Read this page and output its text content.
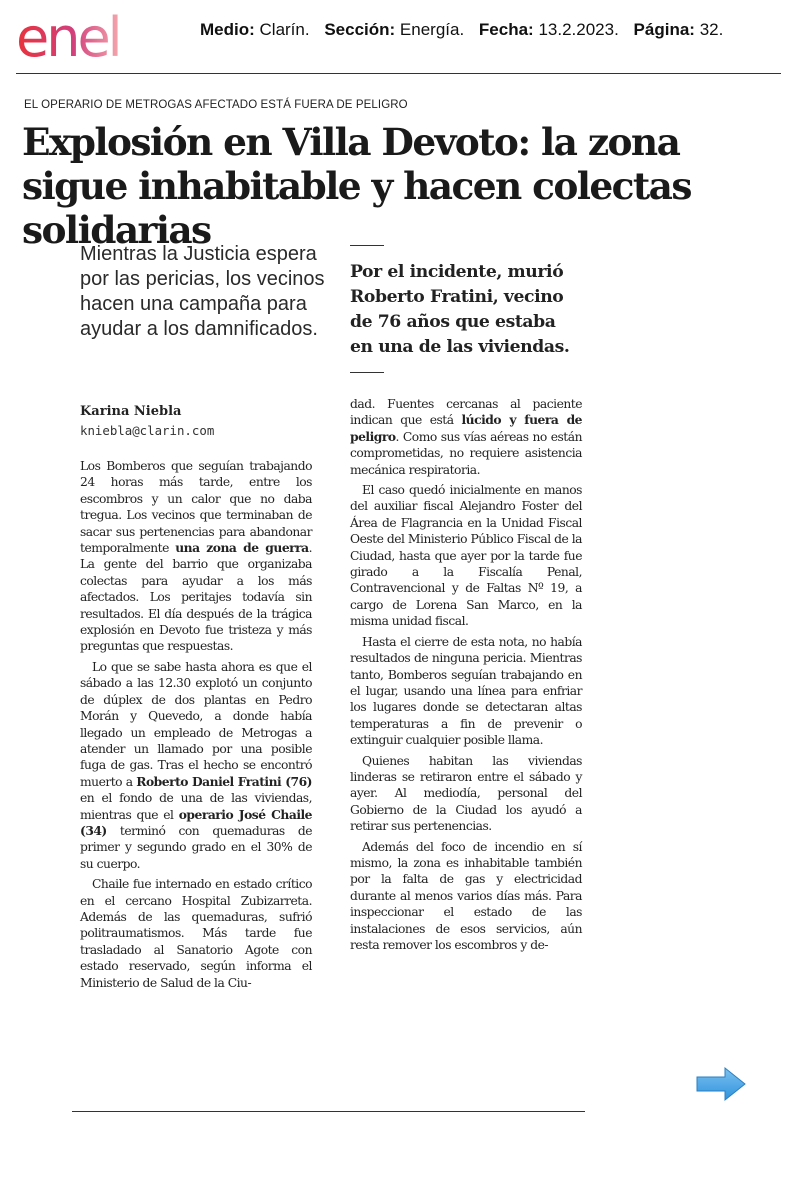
enel	Medio: Clarín. Sección: Energía. Fecha: 13.2.2023. Página: 32.
EL OPERARIO DE METROGAS AFECTADO ESTÁ FUERA DE PELIGRO
Explosión en Villa Devoto: la zona sigue inhabitable y hacen colectas solidarias

Mientras la Justicia espera por las pericias, los vecinos hacen una campaña para ayudar a los damnificados.

Por el incidente, murió Roberto Fratini, vecino de 76 años que estaba en una de las viviendas.

Karina Niebla
kniebla@clarin.com

Los Bomberos que seguían trabajando 24 horas más tarde, entre los escombros y un calor que no daba tregua. Los vecinos que terminaban de sacar sus pertenencias para abandonar temporalmente una zona de guerra. La gente del barrio que organizaba colectas para ayudar a los más afectados. Los peritajes todavía sin resultados. El día después de la trágica explosión en Devoto fue tristeza y más preguntas que respuestas.

Lo que se sabe hasta ahora es que el sábado a las 12.30 explotó un conjunto de dúplex de dos plantas en Pedro Morán y Quevedo, a donde había llegado un empleado de Metrogas a atender un llamado por una posible fuga de gas. Tras el hecho se encontró muerto a Roberto Daniel Fratini (76) en el fondo de una de las viviendas, mientras que el operario José Chaile (34) terminó con quemaduras de primer y segundo grado en el 30% de su cuerpo.

Chaile fue internado en estado crítico en el cercano Hospital Zubizarreta. Además de las quemaduras, sufrió politraumatismos. Más tarde fue trasladado al Sanatorio Agote con estado reservado, según informa el Ministerio de Salud de la Ciu-

dad. Fuentes cercanas al paciente indican que está lúcido y fuera de peligro. Como sus vías aéreas no están comprometidas, no requiere asistencia mecánica respiratoria.

El caso quedó inicialmente en manos del auxiliar fiscal Alejandro Foster del Área de Flagrancia en la Unidad Fiscal Oeste del Ministerio Público Fiscal de la Ciudad, hasta que ayer por la tarde fue girado a la Fiscalía Penal, Contravencional y de Faltas Nº 19, a cargo de Lorena San Marco, en la misma unidad fiscal.

Hasta el cierre de esta nota, no había resultados de ninguna pericia. Mientras tanto, Bomberos seguían trabajando en el lugar, usando una línea para enfriar los lugares donde se detectaran altas temperaturas a fin de prevenir o extinguir cualquier posible llama.

Quienes habitan las viviendas linderas se retiraron entre el sábado y ayer. Al mediodía, personal del Gobierno de la Ciudad los ayudó a retirar sus pertenencias.

Además del foco de incendio en sí mismo, la zona es inhabitable también por la falta de gas y electricidad durante al menos varios días más. Para inspeccionar el estado de las instalaciones de esos servicios, aún resta remover los escombros y de-
